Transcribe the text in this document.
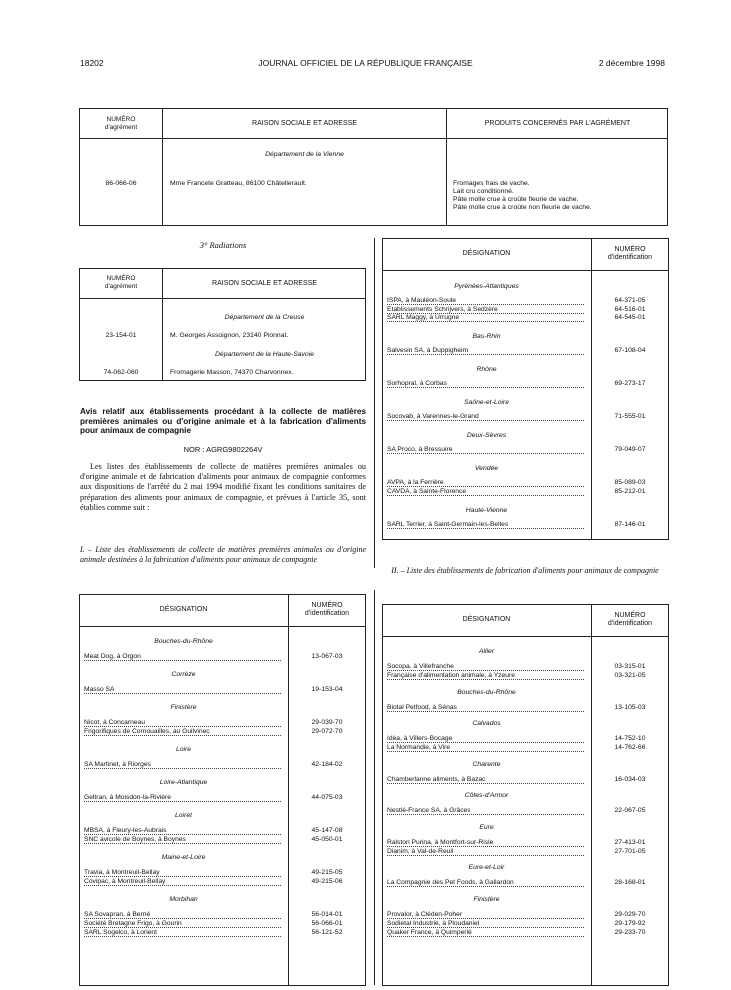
18202	JOURNAL OFFICIEL DE LA RÉPUBLIQUE FRANÇAISE	2 décembre 1998
NUMÉRO
d'agrément
RAISON SOCIALE ET ADRESSE	PRODUITS CONCERNÉS PAR L'AGRÉMENT
Département de la Vienne
86-066-06	Mme Francete Gratteau, 86100 Châtellerault.	Fromages frais de vache.
Lait cru conditionné.
Pâte molle crue à croûte fleurie de vache.
Pâte molle crue à croûte non fleurie de vache.
3° Radiations
NUMÉRO
d'agrément	RAISON SOCIALE ET ADRESSE
Département de la Creuse
23-154-01	M. Georges Assoignon, 23140 Pionnat.
Département de la Haute-Savoie
74-062-060	Fromagerie Masson, 74370 Charvonnex.
Avis relatif aux établissements procédant à la collecte de matières premières animales ou d'origine animale et à la fabrication d'aliments pour animaux de compagnie
NOR : AGRG9802264V
Les listes des établissements de collecte de matières premières animales ou d'origine animale et de fabrication d'aliments pour animaux de compagnie conformes aux dispositions de l'arrêté du 2 mai 1994 modifié fixant les conditions sanitaires de préparation des aliments pour animaux de compagnie, et prévues à l'article 35, sont établies comme suit :
I. – Liste des établissements de collecte de matières premières animales ou d'origine animale destinées à la fabrication d'aliments pour animaux de compagnie
II. – Liste des établissements de fabrication d'aliments pour animaux de compagnie
DÉSIGNATION
NUMÉRO
d'identification
Bouches-du-Rhône
Meat Dog, à Orgon	13-067-03
Corrèze
Masso SA	19-153-04
Finistère
Nicot, à Concarneau	29-039-70
Frigorifiques de Cornouailles, au Guilvinec	29-072-70
Loire
SA Martinet, à Riorges	42-184-02
Loire-Atlantique
Geltran, à Moisdon-la-Rivière	44-075-03
Loiret
MBSA, à Fleury-les-Aubrais	45-147-08
SNC avicole de Boynes, à Boynes	45-050-01
Maine-et-Loire
Travia, à Montreuil-Bellay	49-215-05
Covipac, à Montreuil-Bellay	49-215-06
Morbihan
SA Sovapran, à Berné	56-014-01
Société Bretagne Frigo, à Gourin	56-066-01
SARL Sogelco, à Lorient	56-121-52
DÉSIGNATION
NUMÉRO
d'identification
Pyrénées-Atlantiques
ISPA, à Mauléon-Soule	64-371-05
Etablissements Schrijvers, à Sedzère	64-516-01
SARL Maggy, à Urrugne	64-545-01
Bas-Rhin
Salvesin SA, à Duppigheim	67-108-04
Rhône
Sorhopral, à Corbas	69-273-17
Saône-et-Loire
Socovab, à Varennes-le-Grand	71-555-01
Deux-Sèvres
SA Proco, à Bressuire	79-049-07
Vendée
AVPA, à la Ferrière	85-089-03
CAVDA, à Sainte-Florence	85-212-01
Haute-Vienne
SARL Terrier, à Saint-Germain-les-Belles	87-146-01
DÉSIGNATION
NUMÉRO
d'identification
Allier
Socopa, à Villefranche	03-315-01
Française d'alimentation animale, à Yzeure	03-321-05
Bouches-du-Rhône
Biotal Petfood, à Sénas	13-105-03
Calvados
Idéa, à Villers-Bocage	14-752-10
La Normandie, à Vire	14-762-66
Charente
Chamberlanne aliments, à Bazac	16-034-03
Côtes-d'Armor
Nestlé-France SA, à Grâces	22-067-05
Eure
Ralston Purina, à Montfort-sur-Risle	27-413-01
Dianim, à Val-de-Reuil	27-701-05
Eure-et-Loir
La Compagnie des Pet Foods, à Gallardon	28-168-01
Finistère
Provalor, à Cléden-Poher	29-029-70
Sodietal Industrie, à Ploudaniel	29-179-92
Quaker France, à Quimperlé	29-233-70
